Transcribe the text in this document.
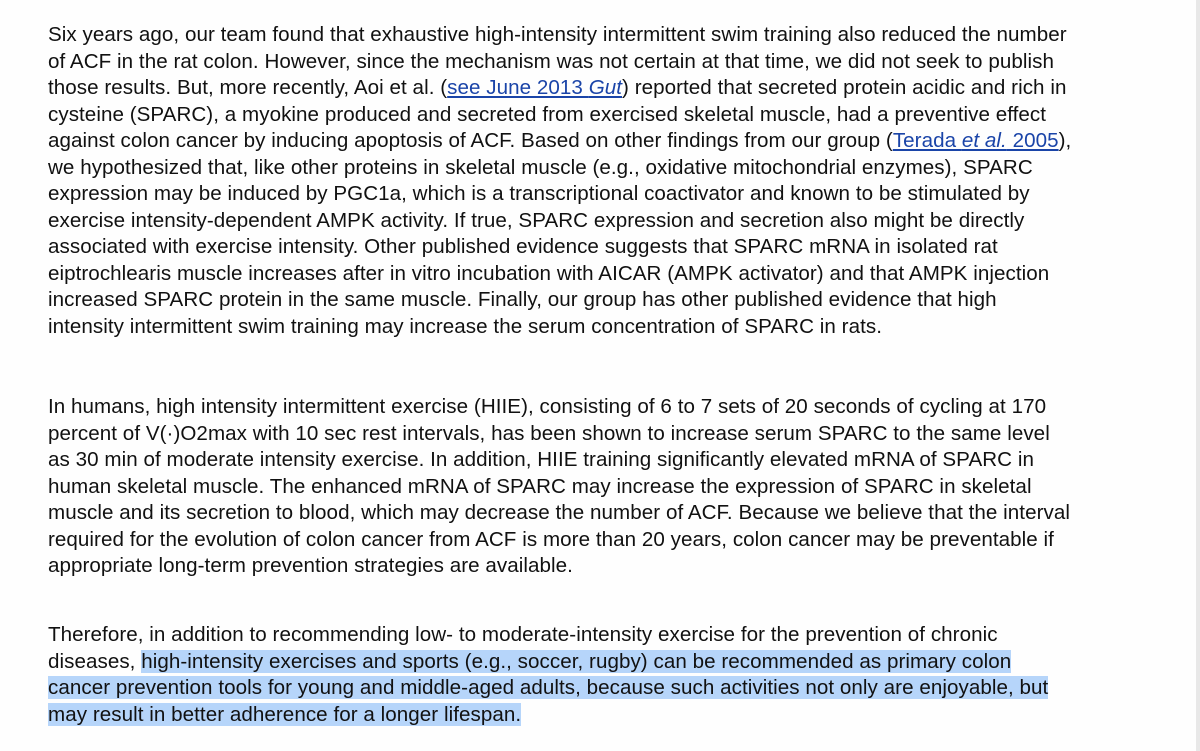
Six years ago, our team found that exhaustive high-intensity intermittent swim training also reduced the number
of ACF in the rat colon. However, since the mechanism was not certain at that time, we did not seek to publish
those results. But, more recently, Aoi et al. (see June 2013 Gut) reported that secreted protein acidic and rich in
cysteine (SPARC), a myokine produced and secreted from exercised skeletal muscle, had a preventive effect
against colon cancer by inducing apoptosis of ACF. Based on other findings from our group (Terada et al. 2005),
we hypothesized that, like other proteins in skeletal muscle (e.g., oxidative mitochondrial enzymes), SPARC
expression may be induced by PGC1a, which is a transcriptional coactivator and known to be stimulated by
exercise intensity-dependent AMPK activity. If true, SPARC expression and secretion also might be directly
associated with exercise intensity. Other published evidence suggests that SPARC mRNA in isolated rat
eiptrochlearis muscle increases after in vitro incubation with AICAR (AMPK activator) and that AMPK injection
increased SPARC protein in the same muscle. Finally, our group has other published evidence that high
intensity intermittent swim training may increase the serum concentration of SPARC in rats.

In humans, high intensity intermittent exercise (HIIE), consisting of 6 to 7 sets of 20 seconds of cycling at 170
percent of V(·)O2max with 10 sec rest intervals, has been shown to increase serum SPARC to the same level
as 30 min of moderate intensity exercise. In addition, HIIE training significantly elevated mRNA of SPARC in
human skeletal muscle. The enhanced mRNA of SPARC may increase the expression of SPARC in skeletal
muscle and its secretion to blood, which may decrease the number of ACF. Because we believe that the interval
required for the evolution of colon cancer from ACF is more than 20 years, colon cancer may be preventable if
appropriate long-term prevention strategies are available.

Therefore, in addition to recommending low- to moderate-intensity exercise for the prevention of chronic
diseases, high-intensity exercises and sports (e.g., soccer, rugby) can be recommended as primary colon
cancer prevention tools for young and middle-aged adults, because such activities not only are enjoyable, but
may result in better adherence for a longer lifespan.
